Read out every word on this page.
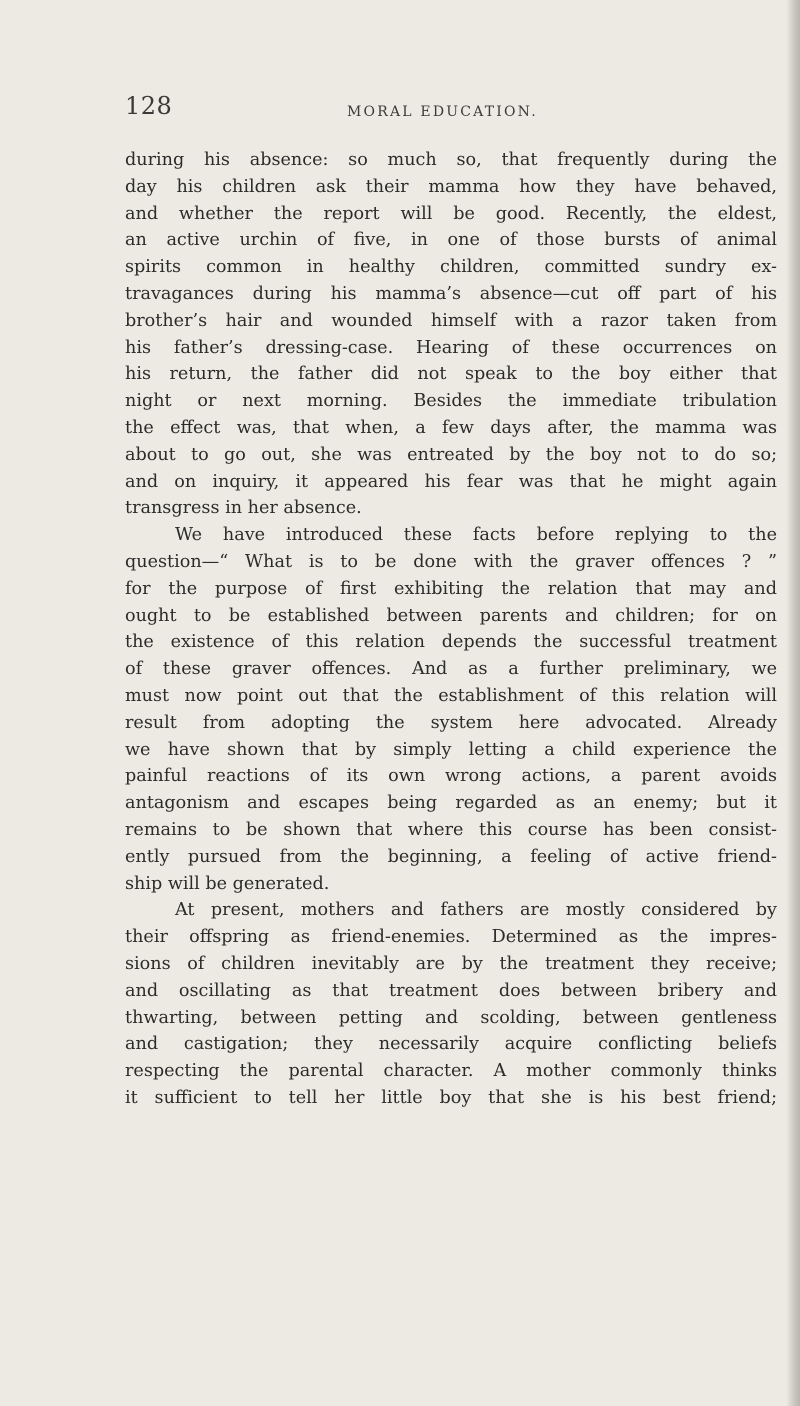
128	MORAL EDUCATION.
during his absence: so much so, that frequently during the
day his children ask their mamma how they have behaved,
and whether the report will be good. Recently, the eldest,
an active urchin of five, in one of those bursts of animal
spirits common in healthy children, committed sundry ex-
travagances during his mamma’s absence—cut off part of his
brother’s hair and wounded himself with a razor taken from
his father’s dressing-case. Hearing of these occurrences on
his return, the father did not speak to the boy either that
night or next morning. Besides the immediate tribulation
the effect was, that when, a few days after, the mamma was
about to go out, she was entreated by the boy not to do so;
and on inquiry, it appeared his fear was that he might again
transgress in her absence.
We have introduced these facts before replying to the
question—“ What is to be done with the graver offences ? ”
for the purpose of first exhibiting the relation that may and
ought to be established between parents and children; for on
the existence of this relation depends the successful treatment
of these graver offences. And as a further preliminary, we
must now point out that the establishment of this relation will
result from adopting the system here advocated. Already
we have shown that by simply letting a child experience the
painful reactions of its own wrong actions, a parent avoids
antagonism and escapes being regarded as an enemy; but it
remains to be shown that where this course has been consist-
ently pursued from the beginning, a feeling of active friend-
ship will be generated.
At present, mothers and fathers are mostly considered by
their offspring as friend-enemies. Determined as the impres-
sions of children inevitably are by the treatment they receive;
and oscillating as that treatment does between bribery and
thwarting, between petting and scolding, between gentleness
and castigation; they necessarily acquire conflicting beliefs
respecting the parental character. A mother commonly thinks
it sufficient to tell her little boy that she is his best friend;
